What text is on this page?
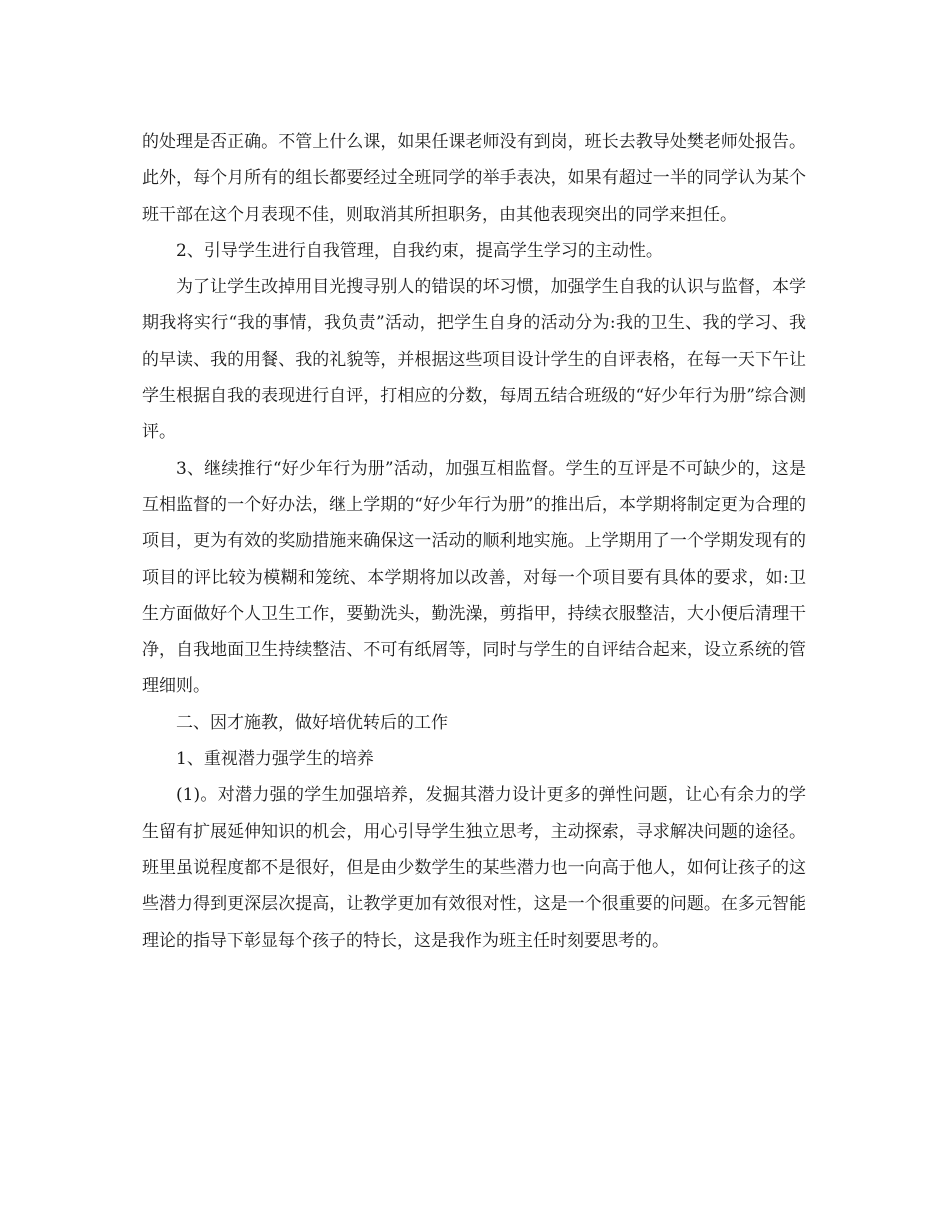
的处理是否正确。不管上什么课，如果任课老师没有到岗，班长去教导处樊老师处报告。此外，每个月所有的组长都要经过全班同学的举手表决，如果有超过一半的同学认为某个班干部在这个月表现不佳，则取消其所担职务，由其他表现突出的同学来担任。

2、引导学生进行自我管理，自我约束，提高学生学习的主动性。

为了让学生改掉用目光搜寻别人的错误的坏习惯，加强学生自我的认识与监督，本学期我将实行“我的事情，我负责”活动，把学生自身的活动分为:我的卫生、我的学习、我的早读、我的用餐、我的礼貌等，并根据这些项目设计学生的自评表格，在每一天下午让学生根据自我的表现进行自评，打相应的分数，每周五结合班级的“好少年行为册”综合测评。

3、继续推行“好少年行为册”活动，加强互相监督。学生的互评是不可缺少的，这是互相监督的一个好办法，继上学期的“好少年行为册”的推出后，本学期将制定更为合理的项目，更为有效的奖励措施来确保这一活动的顺利地实施。上学期用了一个学期发现有的项目的评比较为模糊和笼统、本学期将加以改善，对每一个项目要有具体的要求，如:卫生方面做好个人卫生工作，要勤洗头，勤洗澡，剪指甲，持续衣服整洁，大小便后清理干净，自我地面卫生持续整洁、不可有纸屑等，同时与学生的自评结合起来，设立系统的管理细则。

二、因才施教，做好培优转后的工作

1、重视潜力强学生的培养

(1)。对潜力强的学生加强培养，发掘其潜力设计更多的弹性问题，让心有余力的学生留有扩展延伸知识的机会，用心引导学生独立思考，主动探索，寻求解决问题的途径。班里虽说程度都不是很好，但是由少数学生的某些潜力也一向高于他人，如何让孩子的这些潜力得到更深层次提高，让教学更加有效很对性，这是一个很重要的问题。在多元智能理论的指导下彰显每个孩子的特长，这是我作为班主任时刻要思考的。
